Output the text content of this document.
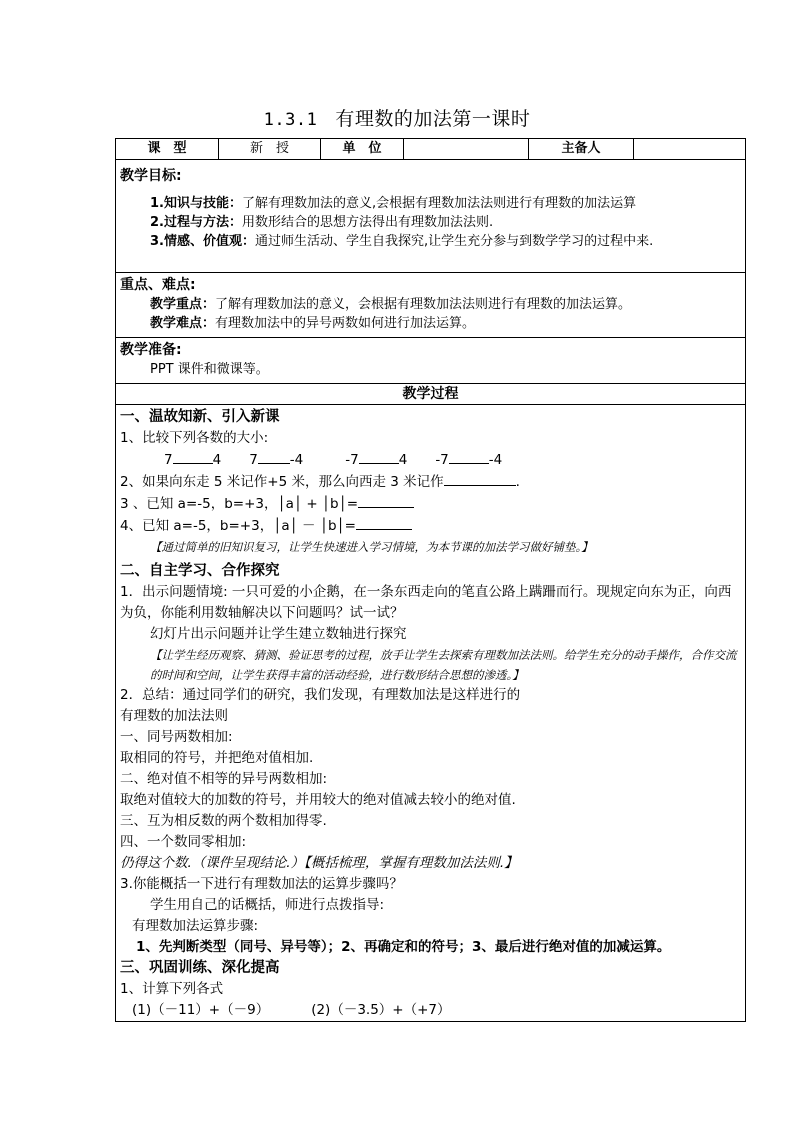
1.3.1 有理数的加法第一课时
课　型	新　授	单　位		主备人	

教学目标:
1.知识与技能：了解有理数加法的意义,会根据有理数加法法则进行有理数的加法运算
2.过程与方法：用数形结合的思想方法得出有理数加法法则.
3.情感、价值观：通过师生活动、学生自我探究,让学生充分参与到数学学习的过程中来.

重点、难点:
教学重点：了解有理数加法的意义，会根据有理数加法法则进行有理数的加法运算。
教学难点：有理数加法中的异号两数如何进行加法运算。

教学准备:
PPT 课件和微课等。

教学过程

一、温故知新、引入新课
1、比较下列各数的大小:
7	4 7 -4	-7	4 -7	-4
2、如果向东走 5 米记作+5 米，那么向西走 3 米记作	.
3 、已知 a=-5，b=+3，│a│ + │b│=
4、已知 a=-5，b=+3，│a│ － │b│=
【通过简单的旧知识复习，让学生快速进入学习情境，为本节课的加法学习做好铺垫。】
二、自主学习、合作探究
1．出示问题情境: 一只可爱的小企鹅，在一条东西走向的笔直公路上蹒跚而行。现规定向东为正，向西为负，你能利用数轴解决以下问题吗？试一试？
幻灯片出示问题并让学生建立数轴进行探究
【让学生经历观察、猜测、验证思考的过程，放手让学生去探索有理数加法法则。给学生充分的动手操作，合作交流的时间和空间，让学生获得丰富的活动经验，进行数形结合思想的渗透。】
2．总结：通过同学们的研究，我们发现，有理数加法是这样进行的
有理数的加法法则
一、同号两数相加:
取相同的符号，并把绝对值相加.
二、绝对值不相等的异号两数相加:
取绝对值较大的加数的符号，并用较大的绝对值减去较小的绝对值.
三、互为相反数的两个数相加得零.
四、一个数同零相加:
仍得这个数.（课件呈现结论.）【概括梳理，掌握有理数加法法则.】
3.你能概括一下进行有理数加法的运算步骤吗？
学生用自己的话概括，师进行点拨指导:
有理数加法运算步骤:
1、先判断类型（同号、异号等）；2、再确定和的符号；3、最后进行绝对值的加减运算。
三、巩固训练、深化提高
1、计算下列各式
(1)（－11）+（－9）	(2)（－3.5）+（+7）
